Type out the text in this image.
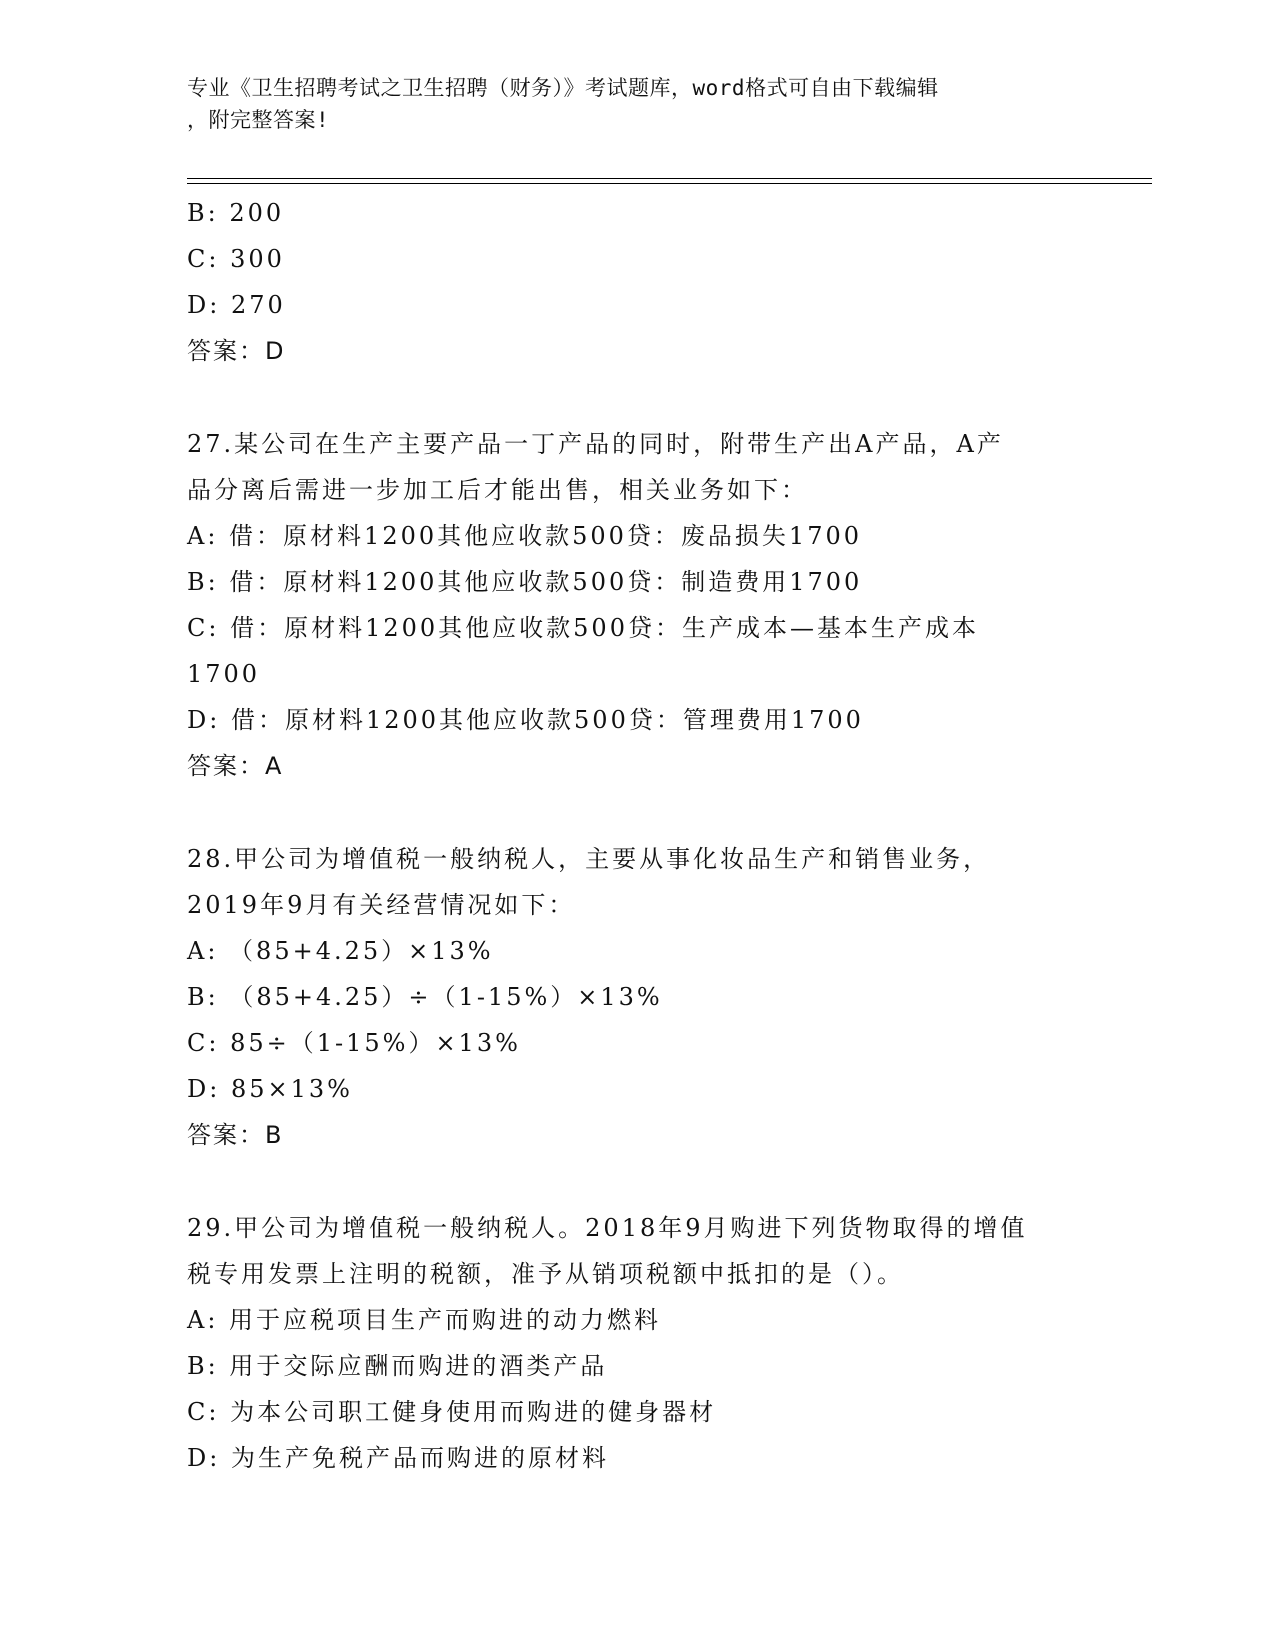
专业《卫生招聘考试之卫生招聘（财务）》考试题库，word格式可自由下载编辑
，附完整答案!
B: 200
C: 300
D: 270
答案：D
27.某公司在生产主要产品一丁产品的同时，附带生产出A产品，A产
品分离后需进一步加工后才能出售，相关业务如下：
A: 借：原材料1200其他应收款500贷：废品损失1700
B: 借：原材料1200其他应收款500贷：制造费用1700
C: 借：原材料1200其他应收款500贷：生产成本—基本生产成本
1700
D: 借：原材料1200其他应收款500贷：管理费用1700
答案：A
28.甲公司为增值税一般纳税人，主要从事化妆品生产和销售业务，
2019年9月有关经营情况如下：
A: （85+4.25）×13%
B: （85+4.25）÷（1-15%）×13%
C: 85÷（1-15%）×13%
D: 85×13%
答案：B
29.甲公司为增值税一般纳税人。2018年9月购进下列货物取得的增值
税专用发票上注明的税额，准予从销项税额中抵扣的是（）。
A: 用于应税项目生产而购进的动力燃料
B: 用于交际应酬而购进的酒类产品
C: 为本公司职工健身使用而购进的健身器材
D: 为生产免税产品而购进的原材料
